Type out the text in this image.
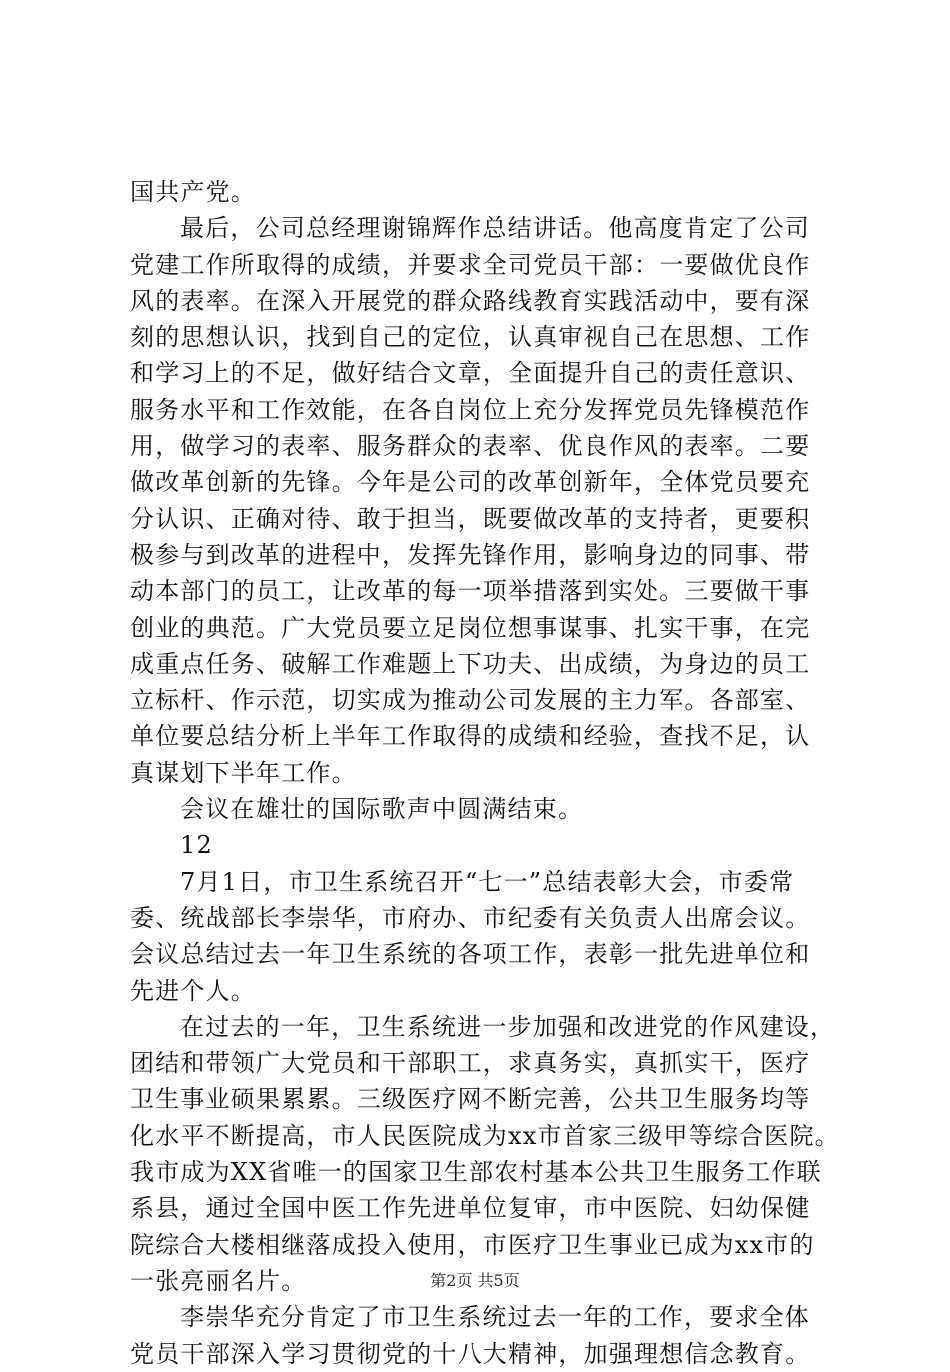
国共产党。
最后，公司总经理谢锦辉作总结讲话。他高度肯定了公司
党建工作所取得的成绩，并要求全司党员干部：一要做优良作
风的表率。在深入开展党的群众路线教育实践活动中，要有深
刻的思想认识，找到自己的定位，认真审视自己在思想、工作
和学习上的不足，做好结合文章，全面提升自己的责任意识、
服务水平和工作效能，在各自岗位上充分发挥党员先锋模范作
用，做学习的表率、服务群众的表率、优良作风的表率。二要
做改革创新的先锋。今年是公司的改革创新年，全体党员要充
分认识、正确对待、敢于担当，既要做改革的支持者，更要积
极参与到改革的进程中，发挥先锋作用，影响身边的同事、带
动本部门的员工，让改革的每一项举措落到实处。三要做干事
创业的典范。广大党员要立足岗位想事谋事、扎实干事，在完
成重点任务、破解工作难题上下功夫、出成绩，为身边的员工
立标杆、作示范，切实成为推动公司发展的主力军。各部室、
单位要总结分析上半年工作取得的成绩和经验，查找不足，认
真谋划下半年工作。
会议在雄壮的国际歌声中圆满结束。
12
7月1日，市卫生系统召开“七一”总结表彰大会，市委常
委、统战部长李崇华，市府办、市纪委有关负责人出席会议。
会议总结过去一年卫生系统的各项工作，表彰一批先进单位和
先进个人。
在过去的一年，卫生系统进一步加强和改进党的作风建设，
团结和带领广大党员和干部职工，求真务实，真抓实干，医疗
卫生事业硕果累累。三级医疗网不断完善，公共卫生服务均等
化水平不断提高，市人民医院成为xx市首家三级甲等综合医院。
我市成为XX省唯一的国家卫生部农村基本公共卫生服务工作联
系县，通过全国中医工作先进单位复审，市中医院、妇幼保健
院综合大楼相继落成投入使用，市医疗卫生事业已成为xx市的
一张亮丽名片。
李崇华充分肯定了市卫生系统过去一年的工作，要求全体
党员干部深入学习贯彻党的十八大精神，加强理想信念教育。
第2页 共5页
